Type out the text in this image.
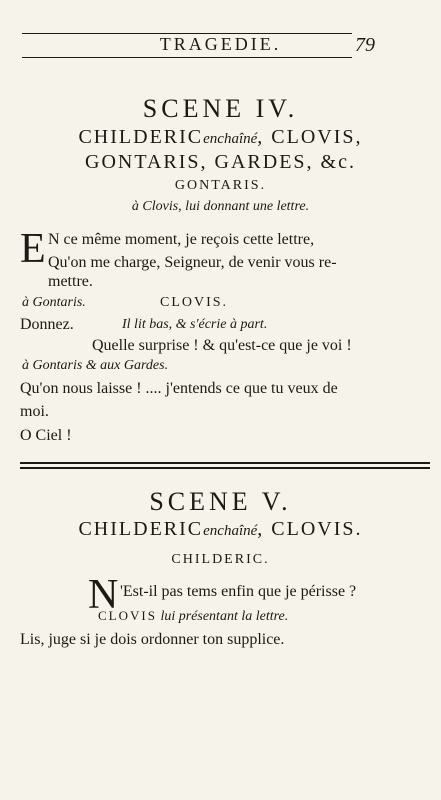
TRAGEDIE.	79
SCENE IV.
CHILDERICenchaîné, CLOVIS,
GONTARIS, GARDES, &c.
GONTARIS.
à Clovis, lui donnant une lettre.
E N ce même moment, je reçois cette lettre,
Qu'on me charge, Seigneur, de venir vous re-
mettre.
à Gontaris.	CLOVIS.
Donnez.	Il lit bas, & s'écrie à part.
Quelle surprise ! & qu'est-ce que je voi !
à Gontaris & aux Gardes.
Qu'on nous laisse ! .... j'entends ce que tu veux de
moi.
O Ciel !
SCENE V.
CHILDERICenchaîné, CLOVIS.
CHILDERIC.
N 'Est-il pas tems enfin que je périsse ?
CLOVIS lui présentant la lettre.
Lis, juge si je dois ordonner ton supplice.
